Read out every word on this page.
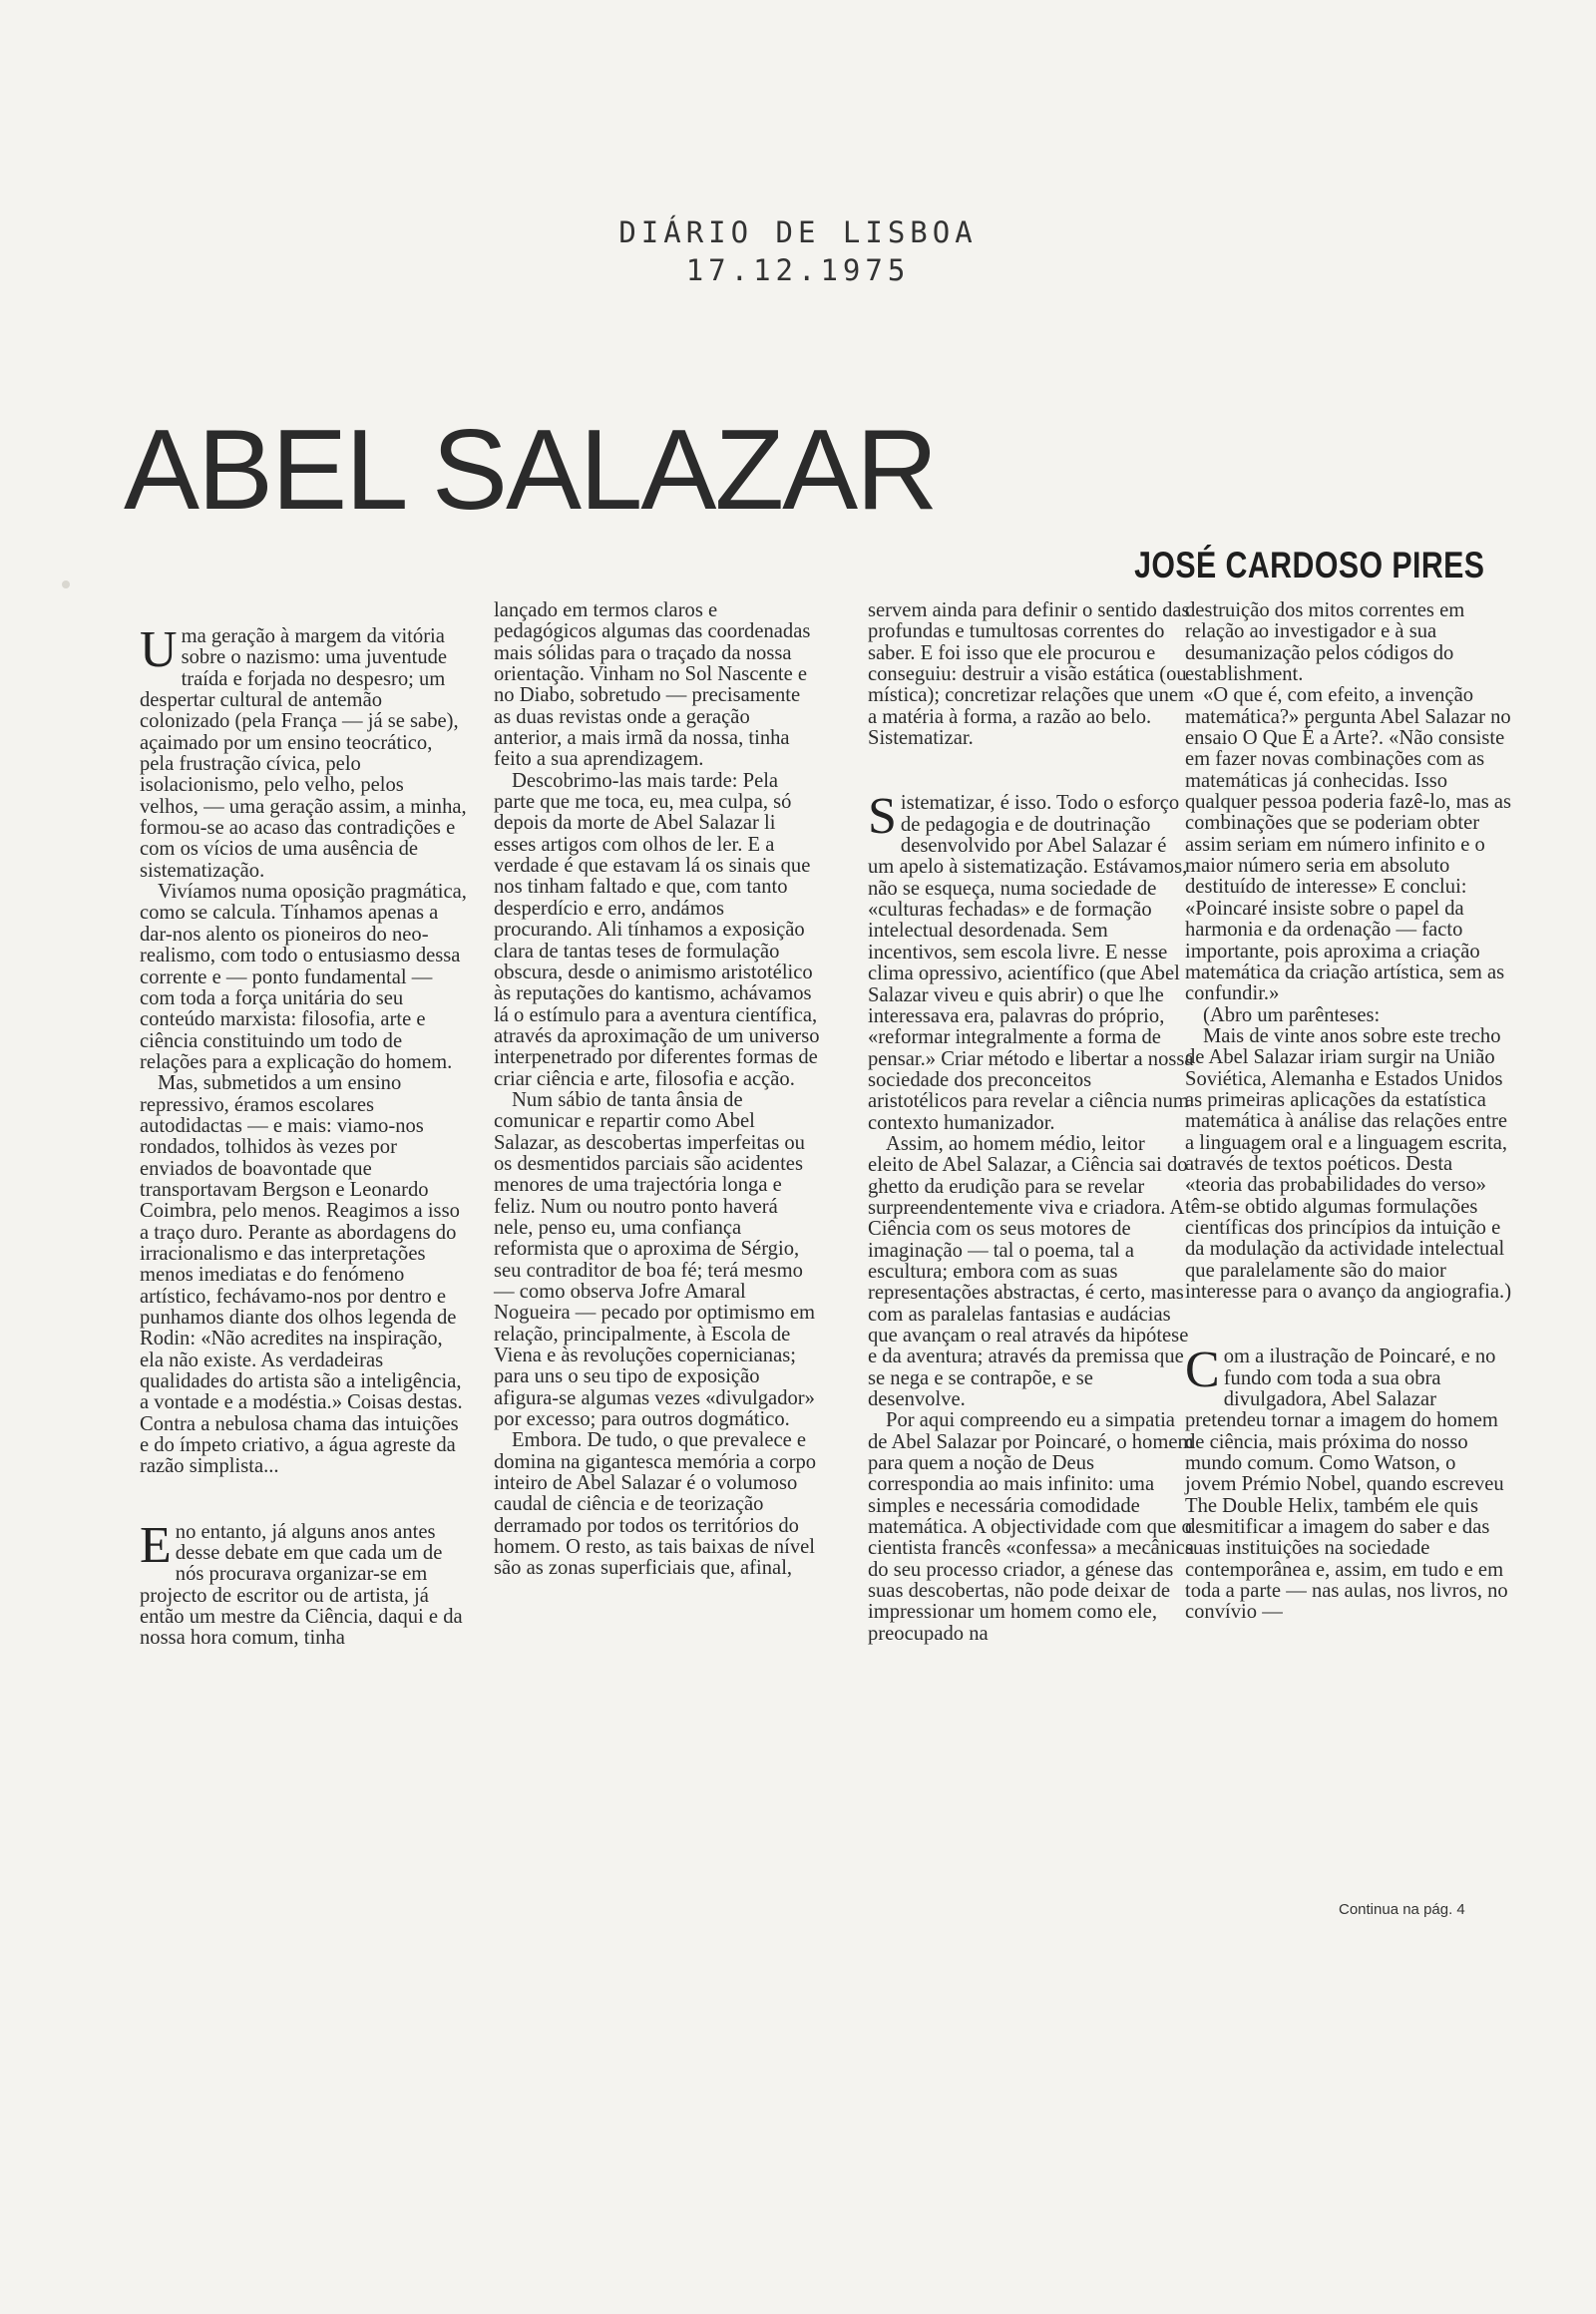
DIÁRIO DE LISBOA
17.12.1975
ABEL SALAZAR
JOSÉ CARDOSO PIRES

Uma geração à margem da vitória sobre o nazismo: uma juventude traída e forjada no despesro; um despertar cultural de antemão colonizado (pela França — já se sabe), açaimado por um ensino teocrático, pela frustração cívica, pelo isolacionismo, pelo velho, pelos velhos, — uma geração assim, a minha, formou-se ao acaso das contradições e com os vícios de uma ausência de sistematização.

Vivíamos numa oposição pragmática, como se calcula. Tínhamos apenas a dar-nos alento os pioneiros do neo-realismo, com todo o entusiasmo dessa corrente e — ponto fundamental — com toda a força unitária do seu conteúdo marxista: filosofia, arte e ciência constituindo um todo de relações para a explicação do homem.

Mas, submetidos a um ensino repressivo, éramos escolares autodidactas — e mais: viamo-nos rondados, tolhidos às vezes por enviados de boavontade que transportavam Bergson e Leonardo Coimbra, pelo menos. Reagimos a isso a traço duro. Perante as abordagens do irracionalismo e das interpretações menos imediatas e do fenómeno artístico, fechávamo-nos por dentro e punhamos diante dos olhos legenda de Rodin: «Não acredites na inspiração, ela não existe. As verdadeiras qualidades do artista são a inteligência, a vontade e a modéstia.» Coisas destas. Contra a nebulosa chama das intuições e do ímpeto criativo, a água agreste da razão simplista...

Eno entanto, já alguns anos antes desse debate em que cada um de nós procurava organizar-se em projecto de escritor ou de artista, já então um mestre da Ciência, daqui e da nossa hora comum, tinha

lançado em termos claros e pedagógicos algumas das coordenadas mais sólidas para o traçado da nossa orientação. Vinham no Sol Nascente e no Diabo, sobretudo — precisamente as duas revistas onde a geração anterior, a mais irmã da nossa, tinha feito a sua aprendizagem.

Descobrimo-las mais tarde: Pela parte que me toca, eu, mea culpa, só depois da morte de Abel Salazar li esses artigos com olhos de ler. E a verdade é que estavam lá os sinais que nos tinham faltado e que, com tanto desperdício e erro, andámos procurando. Ali tínhamos a exposição clara de tantas teses de formulação obscura, desde o animismo aristotélico às reputações do kantismo, achávamos lá o estímulo para a aventura científica, através da aproximação de um universo interpenetrado por diferentes formas de criar ciência e arte, filosofia e acção.

Num sábio de tanta ânsia de comunicar e repartir como Abel Salazar, as descobertas imperfeitas ou os desmentidos parciais são acidentes menores de uma trajectória longa e feliz. Num ou noutro ponto haverá nele, penso eu, uma confiança reformista que o aproxima de Sérgio, seu contraditor de boa fé; terá mesmo — como observa Jofre Amaral Nogueira — pecado por optimismo em relação, principalmente, à Escola de Viena e às revoluções copernicianas; para uns o seu tipo de exposição afigura-se algumas vezes «divulgador» por excesso; para outros dogmático.

Embora. De tudo, o que prevalece e domina na gigantesca memória a corpo inteiro de Abel Salazar é o volumoso caudal de ciência e de teorização derramado por todos os territórios do homem. O resto, as tais baixas de nível são as zonas superficiais que, afinal,

servem ainda para definir o sentido das profundas e tumultosas correntes do saber. E foi isso que ele procurou e conseguiu: destruir a visão estática (ou mística); concretizar relações que unem a matéria à forma, a razão ao belo. Sistematizar.

Sistematizar, é isso. Todo o esforço de pedagogia e de doutrinação desenvolvido por Abel Salazar é um apelo à sistematização. Estávamos, não se esqueça, numa sociedade de «culturas fechadas» e de formação intelectual desordenada. Sem incentivos, sem escola livre. E nesse clima opressivo, acientífico (que Abel Salazar viveu e quis abrir) o que lhe interessava era, palavras do próprio, «reformar integralmente a forma de pensar.» Criar método e libertar a nossa sociedade dos preconceitos aristotélicos para revelar a ciência num contexto humanizador.

Assim, ao homem médio, leitor eleito de Abel Salazar, a Ciência sai do ghetto da erudição para se revelar surpreendentemente viva e criadora. A Ciência com os seus motores de imaginação — tal o poema, tal a escultura; embora com as suas representações abstractas, é certo, mas com as paralelas fantasias e audácias que avançam o real através da hipótese e da aventura; através da premissa que se nega e se contrapõe, e se desenvolve.

Por aqui compreendo eu a simpatia de Abel Salazar por Poincaré, o homem para quem a noção de Deus correspondia ao mais infinito: uma simples e necessária comodidade matemática. A objectividade com que o cientista francês «confessa» a mecânica do seu processo criador, a génese das suas descobertas, não pode deixar de impressionar um homem como ele, preocupado na

destruição dos mitos correntes em relação ao investigador e à sua desumanização pelos códigos do establishment.

«O que é, com efeito, a invenção matemática?» pergunta Abel Salazar no ensaio O Que É a Arte?. «Não consiste em fazer novas combinações com as matemáticas já conhecidas. Isso qualquer pessoa poderia fazê-lo, mas as combinações que se poderiam obter assim seriam em número infinito e o maior número seria em absoluto destituído de interesse» E conclui: «Poincaré insiste sobre o papel da harmonia e da ordenação — facto importante, pois aproxima a criação matemática da criação artística, sem as confundir.»

(Abro um parênteses:

Mais de vinte anos sobre este trecho de Abel Salazar iriam surgir na União Soviética, Alemanha e Estados Unidos as primeiras aplicações da estatística matemática à análise das relações entre a linguagem oral e a linguagem escrita, através de textos poéticos. Desta «teoria das probabilidades do verso» têm-se obtido algumas formulações científicas dos princípios da intuição e da modulação da actividade intelectual que paralelamente são do maior interesse para o avanço da angiografia.)

Com a ilustração de Poincaré, e no fundo com toda a sua obra divulgadora, Abel Salazar pretendeu tornar a imagem do homem de ciência, mais próxima do nosso mundo comum. Como Watson, o jovem Prémio Nobel, quando escreveu The Double Helix, também ele quis desmitificar a imagem do saber e das suas instituições na sociedade contemporânea e, assim, em tudo e em toda a parte — nas aulas, nos livros, no convívio —

Continua na pág. 4
